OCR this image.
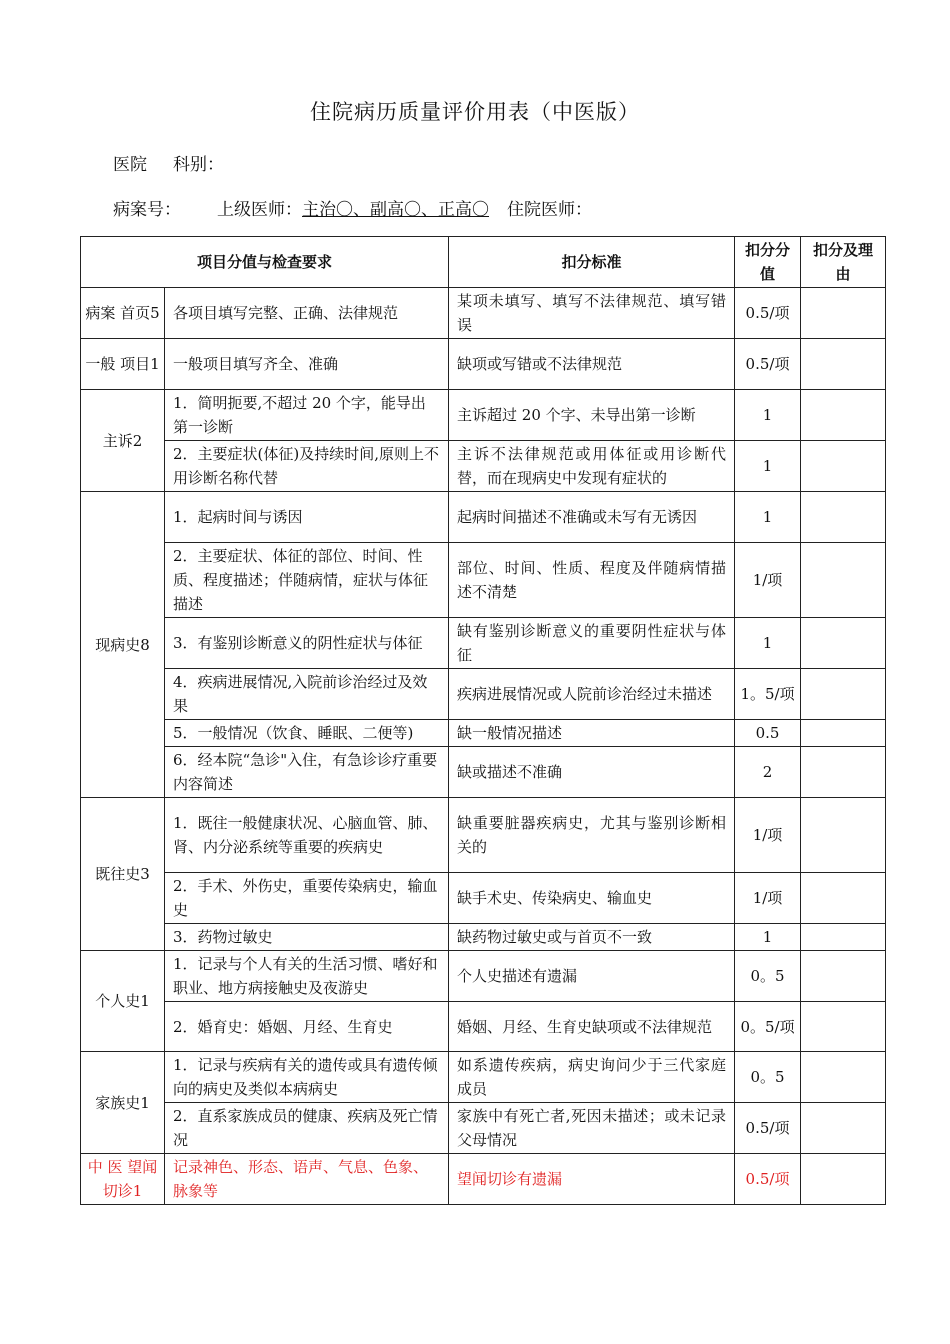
住院病历质量评价用表（中医版）
医院 科别：
病案号： 上级医师：主治〇、副高〇、正高〇 住院医师：
项目分值与检查要求		扣分标准	扣分分值	扣分及理由
病案 首页5	各项目填写完整、正确、法律规范	某项未填写、填写不法律规范、填写错误	0.5/项	
一般 项目1	一般项目填写齐全、准确	缺项或写错或不法律规范	0.5/项	
主诉2	1．简明扼要,不超过 20 个字，能导出第一诊断	主诉超过 20 个字、未导出第一诊断	1	
	2．主要症状(体征)及持续时间,原则上不用诊断名称代替	主诉不法律规范或用体征或用诊断代替，而在现病史中发现有症状的	1	
现病史8	1．起病时间与诱因	起病时间描述不准确或未写有无诱因	1	
	2．主要症状、体征的部位、时间、性质、程度描述；伴随病情，症状与体征描述	部位、时间、性质、程度及伴随病情描述不清楚	1/项	
	3．有鉴别诊断意义的阴性症状与体征	缺有鉴别诊断意义的重要阴性症状与体征	1	
	4．疾病进展情况,入院前诊治经过及效果	疾病进展情况或人院前诊治经过未描述	1。5/项	
	5．一般情况（饮食、睡眠、二便等)	缺一般情况描述	0.5	
	6．经本院“急诊"入住，有急诊诊疗重要内容简述	缺或描述不准确	2	
既往史3	1．既往一般健康状况、心脑血管、肺、肾、内分泌系统等重要的疾病史	缺重要脏器疾病史，尤其与鉴别诊断相关的	1/项	
	2．手术、外伤史，重要传染病史，输血史	缺手术史、传染病史、输血史	1/项	
	3．药物过敏史	缺药物过敏史或与首页不一致	1	
个人史1	1．记录与个人有关的生活习惯、嗜好和职业、地方病接触史及夜游史	个人史描述有遗漏	0。5	
	2．婚育史：婚姻、月经、生育史	婚姻、月经、生育史缺项或不法律规范	0。5/项	
家族史1	1．记录与疾病有关的遗传或具有遗传倾向的病史及类似本病病史	如系遗传疾病，病史询问少于三代家庭成员	0。5	
	2．直系家族成员的健康、疾病及死亡情况	家族中有死亡者,死因未描述；或未记录父母情况	0.5/项	
中 医 望闻切诊1	记录神色、形态、语声、气息、色象、脉象等	望闻切诊有遗漏	0.5/项	
